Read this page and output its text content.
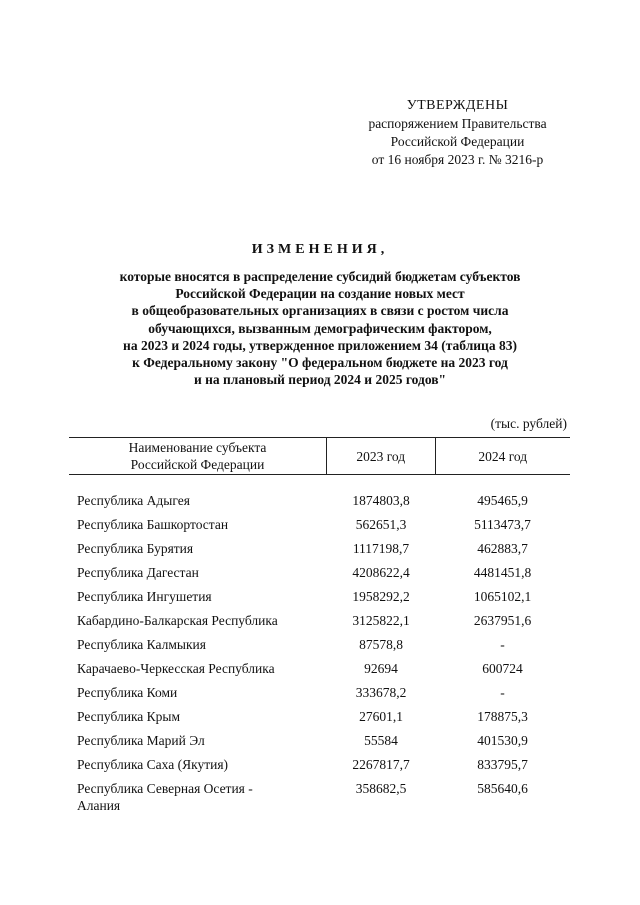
УТВЕРЖДЕНЫ
распоряжением Правительства
Российской Федерации
от 16 ноября 2023 г. № 3216-р
ИЗМЕНЕНИЯ,
которые вносятся в распределение субсидий бюджетам субъектов
Российской Федерации на создание новых мест
в общеобразовательных организациях в связи с ростом числа
обучающихся, вызванным демографическим фактором,
на 2023 и 2024 годы, утвержденное приложением 34 (таблица 83)
к Федеральному закону "О федеральном бюджете на 2023 год
и на плановый период 2024 и 2025 годов"
(тыс. рублей)
Наименование субъекта
Российской Федерации
2023 год	2024 год
Республика Адыгея	1874803,8	495465,9
Республика Башкортостан	562651,3	5113473,7
Республика Бурятия	1117198,7	462883,7
Республика Дагестан	4208622,4	4481451,8
Республика Ингушетия	1958292,2	1065102,1
Кабардино-Балкарская Республика	3125822,1	2637951,6
Республика Калмыкия	87578,8	-
Карачаево-Черкесская Республика	92694	600724
Республика Коми	333678,2	-
Республика Крым	27601,1	178875,3
Республика Марий Эл	55584	401530,9
Республика Саха (Якутия)	2267817,7	833795,7
Республика Северная Осетия -
Алания
358682,5	585640,6
